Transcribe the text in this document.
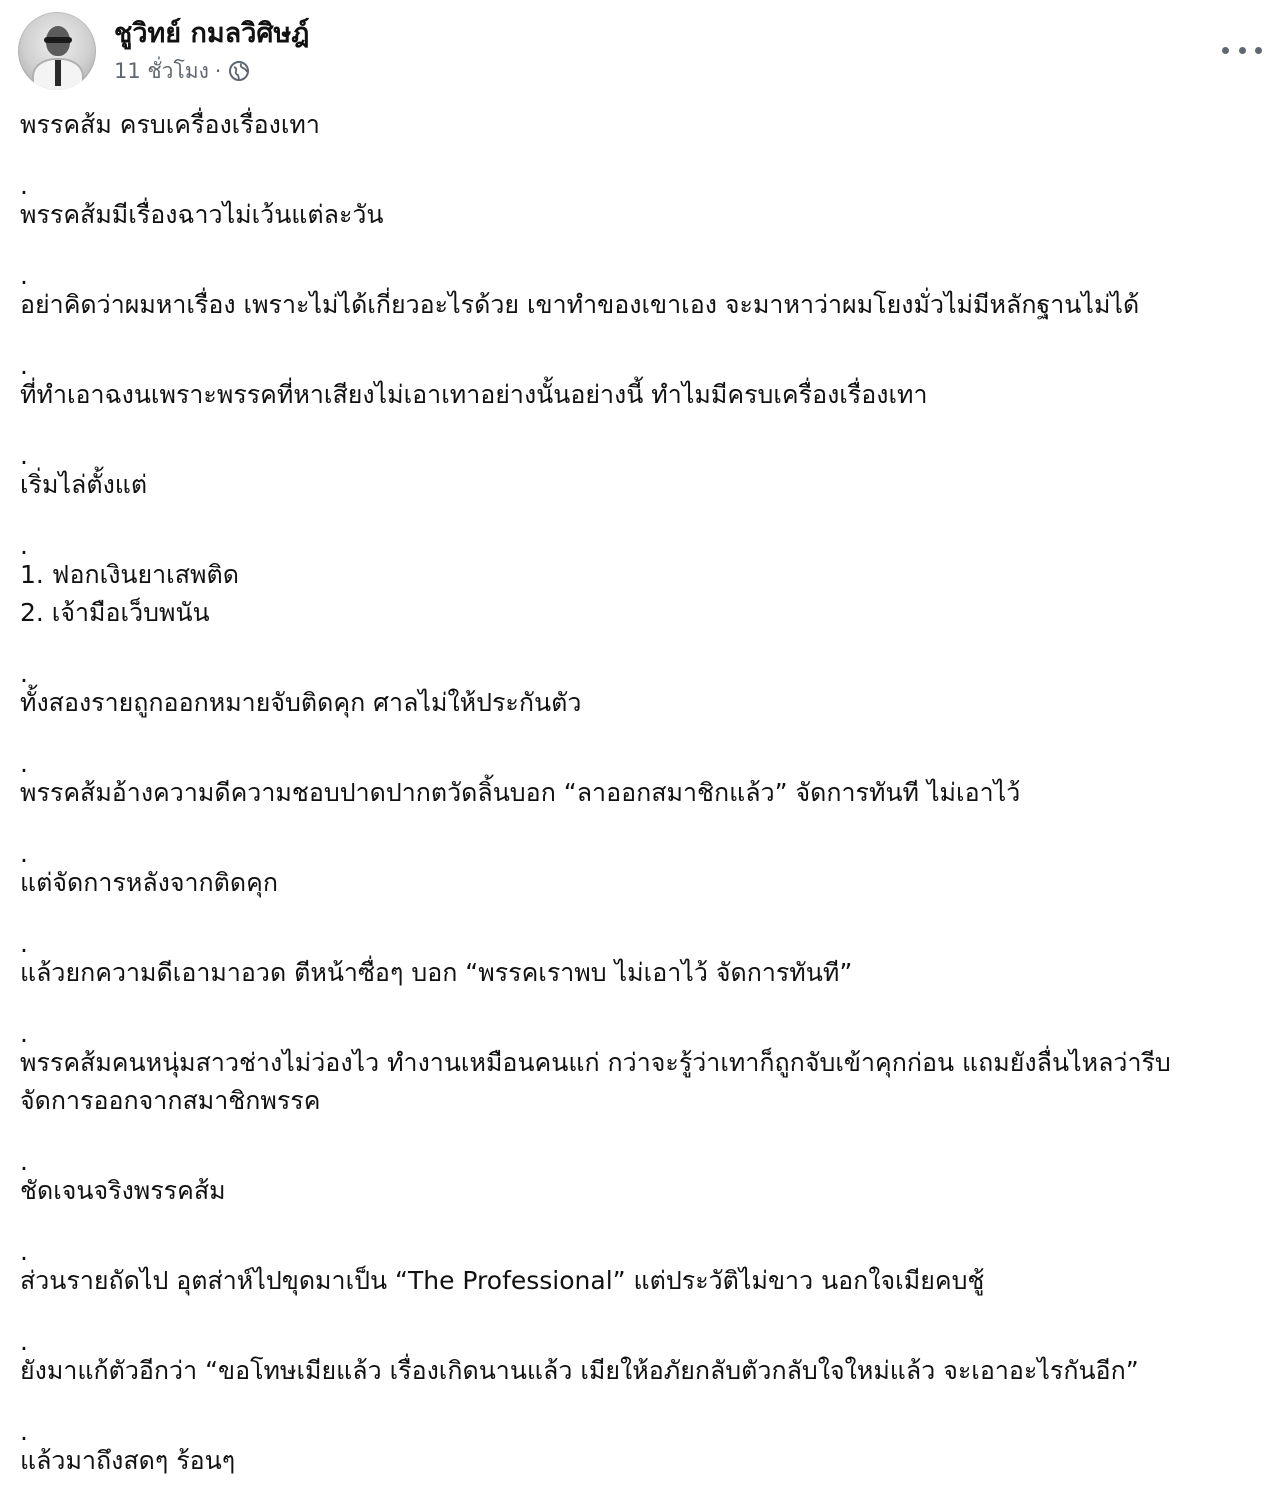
ชูวิทย์ กมลวิศิษฎ์
11 ชั่วโมง ·

พรรคส้ม ครบเครื่องเรื่องเทา

.

พรรคส้มมีเรื่องฉาวไม่เว้นแต่ละวัน

.

อย่าคิดว่าผมหาเรื่อง เพราะไม่ได้เกี่ยวอะไรด้วย เขาทำของเขาเอง จะมาหาว่าผมโยงมั่วไม่มีหลักฐานไม่ได้

.

ที่ทำเอาฉงนเพราะพรรคที่หาเสียงไม่เอาเทาอย่างนั้นอย่างนี้ ทำไมมีครบเครื่องเรื่องเทา

.

เริ่มไล่ตั้งแต่

.

1. ฟอกเงินยาเสพติด

2. เจ้ามือเว็บพนัน

.

ทั้งสองรายถูกออกหมายจับติดคุก ศาลไม่ให้ประกันตัว

.

พรรคส้มอ้างความดีความชอบปาดปากตวัดลิ้นบอก “ลาออกสมาชิกแล้ว” จัดการทันที ไม่เอาไว้

.

แต่จัดการหลังจากติดคุก

.

แล้วยกความดีเอามาอวด ตีหน้าซื่อๆ บอก “พรรคเราพบ ไม่เอาไว้ จัดการทันที”

.

พรรคส้มคนหนุ่มสาวช่างไม่ว่องไว ทำงานเหมือนคนแก่ กว่าจะรู้ว่าเทาก็ถูกจับเข้าคุกก่อน แถมยังลื่นไหลว่ารีบ

จัดการออกจากสมาชิกพรรค

.

ชัดเจนจริงพรรคส้ม

.

ส่วนรายถัดไป อุตส่าห์ไปขุดมาเป็น “The Professional” แต่ประวัติไม่ขาว นอกใจเมียคบชู้

.

ยังมาแก้ตัวอีกว่า “ขอโทษเมียแล้ว เรื่องเกิดนานแล้ว เมียให้อภัยกลับตัวกลับใจใหม่แล้ว จะเอาอะไรกันอีก”

.

แล้วมาถึงสดๆ ร้อนๆ
